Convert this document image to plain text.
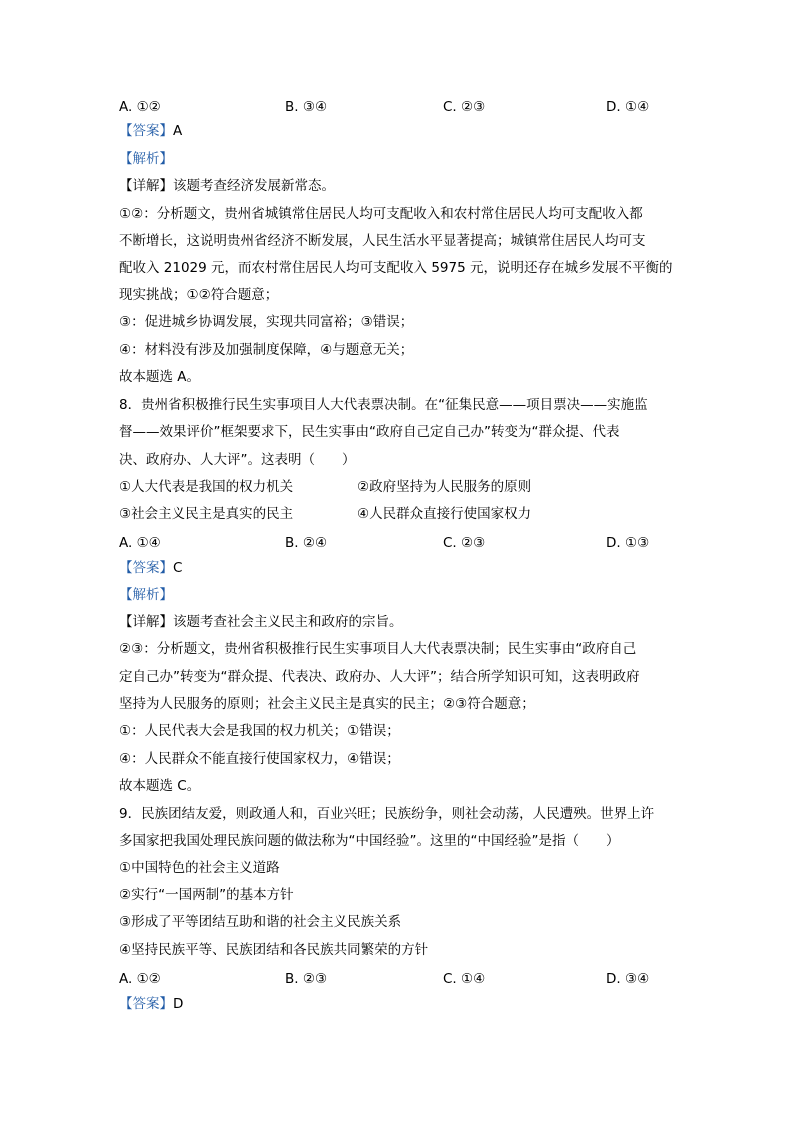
A. ①②	B. ③④	C. ②③	D. ①④
【答案】A
【解析】
【详解】该题考查经济发展新常态。
①②：分析题文，贵州省城镇常住居民人均可支配收入和农村常住居民人均可支配收入都
不断增长，这说明贵州省经济不断发展，人民生活水平显著提高；城镇常住居民人均可支
配收入 21029 元，而农村常住居民人均可支配收入 5975 元，说明还存在城乡发展不平衡的
现实挑战；①②符合题意；
③：促进城乡协调发展，实现共同富裕；③错误；
④：材料没有涉及加强制度保障，④与题意无关；
故本题选 A。
8．贵州省积极推行民生实事项目人大代表票决制。在“征集民意——项目票决——实施监
督——效果评价”框架要求下，民生实事由“政府自己定自己办”转变为“群众提、代表
决、政府办、人大评”。这表明（　　）
①人大代表是我国的权力机关	②政府坚持为人民服务的原则
③社会主义民主是真实的民主	④人民群众直接行使国家权力
A. ①④	B. ②④	C. ②③	D. ①③
【答案】C
【解析】
【详解】该题考查社会主义民主和政府的宗旨。
②③：分析题文，贵州省积极推行民生实事项目人大代表票决制；民生实事由“政府自己
定自己办”转变为“群众提、代表决、政府办、人大评”；结合所学知识可知，这表明政府
坚持为人民服务的原则；社会主义民主是真实的民主；②③符合题意；
①：人民代表大会是我国的权力机关；①错误；
④：人民群众不能直接行使国家权力，④错误；
故本题选 C。
9．民族团结友爱，则政通人和，百业兴旺；民族纷争，则社会动荡，人民遭殃。世界上许
多国家把我国处理民族问题的做法称为“中国经验”。这里的“中国经验”是指（　　）
①中国特色的社会主义道路
②实行“一国两制”的基本方针
③形成了平等团结互助和谐的社会主义民族关系
④坚持民族平等、民族团结和各民族共同繁荣的方针
A. ①②	B. ②③	C. ①④	D. ③④
【答案】D
